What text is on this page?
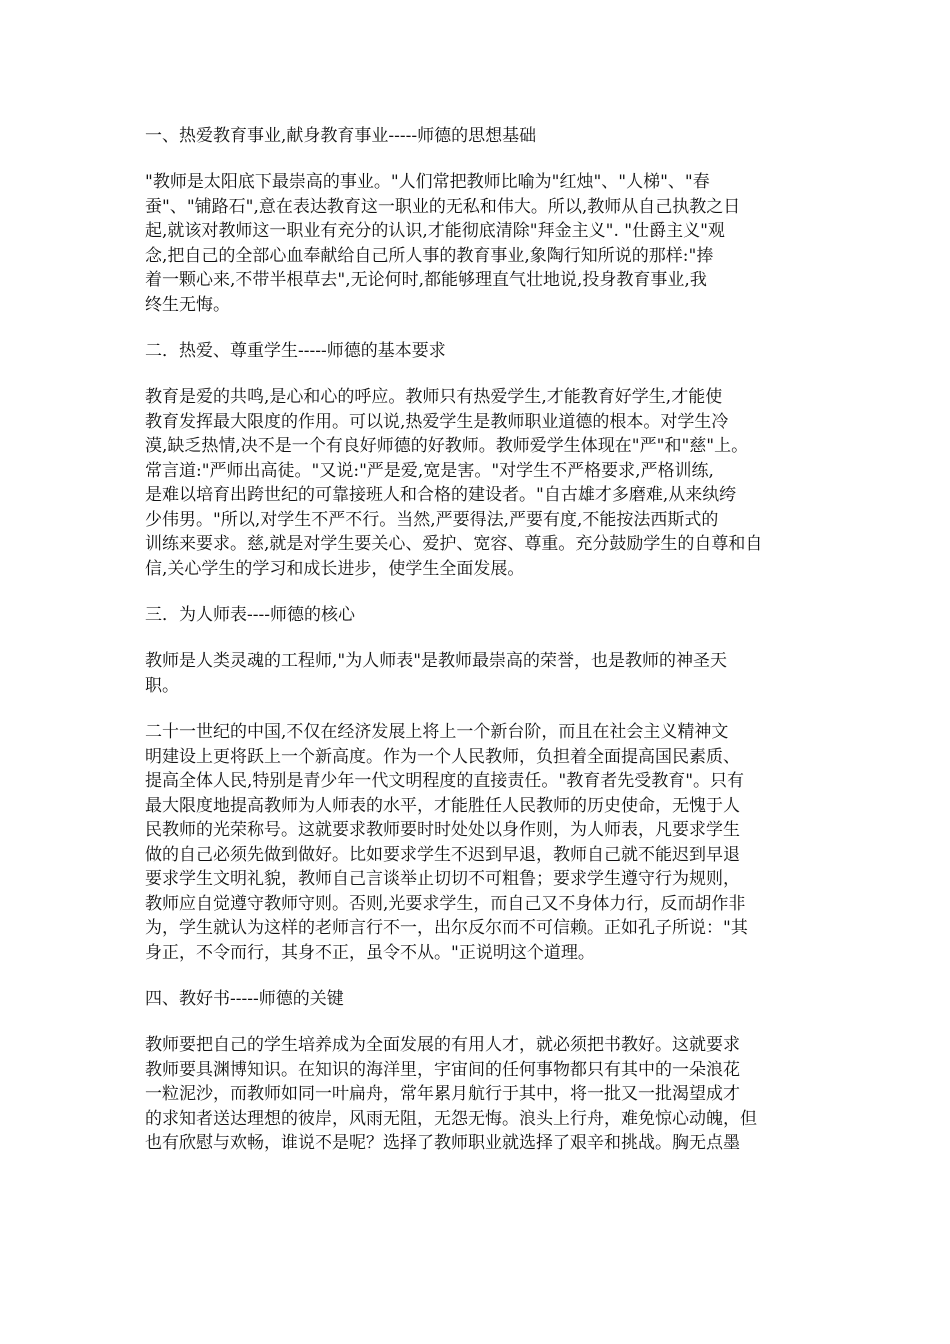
一、热爱教育事业,献身教育事业-----师德的思想基础
"教师是太阳底下最崇高的事业。"人们常把教师比喻为"红烛"、"人梯"、"春
蚕"、"铺路石",意在表达教育这一职业的无私和伟大。所以,教师从自己执教之日
起,就该对教师这一职业有充分的认识,才能彻底清除"拜金主义". "仕爵主义"观
念,把自己的全部心血奉献给自己所人事的教育事业,象陶行知所说的那样:"捧
着一颗心来,不带半根草去",无论何时,都能够理直气壮地说,投身教育事业,我
终生无悔。
二．热爱、尊重学生-----师德的基本要求
教育是爱的共鸣,是心和心的呼应。教师只有热爱学生,才能教育好学生,才能使
教育发挥最大限度的作用。可以说,热爱学生是教师职业道德的根本。对学生冷
漠,缺乏热情,决不是一个有良好师德的好教师。教师爱学生体现在"严"和"慈"上。
常言道:"严师出高徒。"又说:"严是爱,宽是害。"对学生不严格要求,严格训练,
是难以培育出跨世纪的可靠接班人和合格的建设者。"自古雄才多磨难,从来纨绔
少伟男。"所以,对学生不严不行。当然,严要得法,严要有度,不能按法西斯式的
训练来要求。慈,就是对学生要关心、爱护、宽容、尊重。充分鼓励学生的自尊和自
信,关心学生的学习和成长进步，使学生全面发展。
三．为人师表----师德的核心
教师是人类灵魂的工程师,"为人师表"是教师最崇高的荣誉，也是教师的神圣天
职。
二十一世纪的中国,不仅在经济发展上将上一个新台阶，而且在社会主义精神文
明建设上更将跃上一个新高度。作为一个人民教师，负担着全面提高国民素质、
提高全体人民,特别是青少年一代文明程度的直接责任。"教育者先受教育"。只有
最大限度地提高教师为人师表的水平，才能胜任人民教师的历史使命，无愧于人
民教师的光荣称号。这就要求教师要时时处处以身作则，为人师表，凡要求学生
做的自己必须先做到做好。比如要求学生不迟到早退，教师自己就不能迟到早退
要求学生文明礼貌，教师自己言谈举止切切不可粗鲁；要求学生遵守行为规则，
教师应自觉遵守教师守则。否则,光要求学生，而自己又不身体力行，反而胡作非
为，学生就认为这样的老师言行不一，出尔反尔而不可信赖。正如孔子所说："其
身正，不令而行，其身不正，虽令不从。"正说明这个道理。
四、教好书-----师德的关键
教师要把自己的学生培养成为全面发展的有用人才，就必须把书教好。这就要求
教师要具渊博知识。在知识的海洋里，宇宙间的任何事物都只有其中的一朵浪花
一粒泥沙，而教师如同一叶扁舟，常年累月航行于其中，将一批又一批渴望成才
的求知者送达理想的彼岸，风雨无阻，无怨无悔。浪头上行舟，难免惊心动魄，但
也有欣慰与欢畅，谁说不是呢？选择了教师职业就选择了艰辛和挑战。胸无点墨
